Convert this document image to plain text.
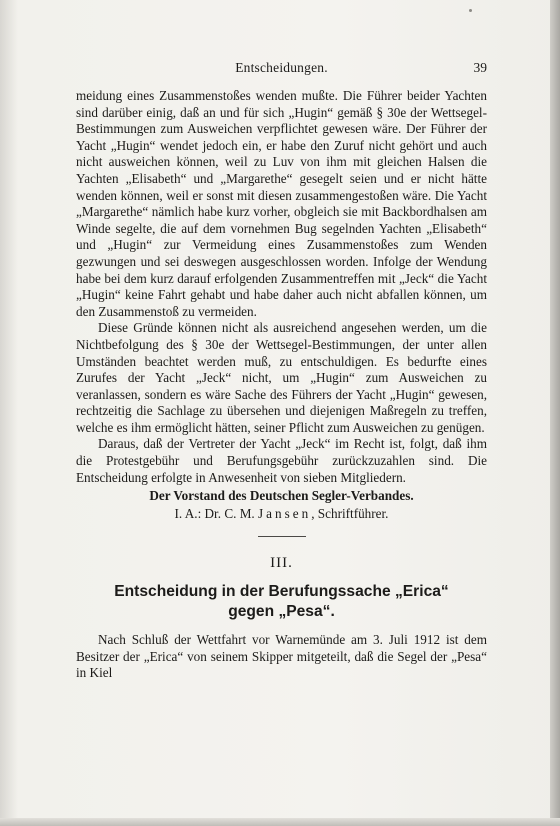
Entscheidungen.	39

meidung eines Zusammenstoßes wenden mußte. Die Führer beider Yachten sind darüber einig, daß an und für sich „Hugin“ gemäß § 30e der Wettsegel-Bestimmungen zum Ausweichen verpflichtet gewesen wäre. Der Führer der Yacht „Hugin“ wendet jedoch ein, er habe den Zuruf nicht gehört und auch nicht ausweichen können, weil zu Luv von ihm mit gleichen Halsen die Yachten „Elisabeth“ und „Margarethe“ gesegelt seien und er nicht hätte wenden können, weil er sonst mit diesen zusammengestoßen wäre. Die Yacht „Margarethe“ nämlich habe kurz vorher, obgleich sie mit Backbordhalsen am Winde segelte, die auf dem vornehmen Bug segelnden Yachten „Elisabeth“ und „Hugin“ zur Vermeidung eines Zusammenstoßes zum Wenden gezwungen und sei deswegen ausgeschlossen worden. Infolge der Wendung habe bei dem kurz darauf erfolgenden Zusammentreffen mit „Jeck“ die Yacht „Hugin“ keine Fahrt gehabt und habe daher auch nicht abfallen können, um den Zusammenstoß zu vermeiden.

Diese Gründe können nicht als ausreichend angesehen werden, um die Nichtbefolgung des § 30e der Wettsegel-Bestimmungen, der unter allen Umständen beachtet werden muß, zu entschuldigen. Es bedurfte eines Zurufes der Yacht „Jeck“ nicht, um „Hugin“ zum Ausweichen zu veranlassen, sondern es wäre Sache des Führers der Yacht „Hugin“ gewesen, rechtzeitig die Sachlage zu übersehen und diejenigen Maßregeln zu treffen, welche es ihm ermöglicht hätten, seiner Pflicht zum Ausweichen zu genügen.

Daraus, daß der Vertreter der Yacht „Jeck“ im Recht ist, folgt, daß ihm die Protestgebühr und Berufungsgebühr zurückzuzahlen sind. Die Entscheidung erfolgte in Anwesenheit von sieben Mitgliedern.

Der Vorstand des Deutschen Segler-Verbandes.
I. A.: Dr. C. M. Jansen, Schriftführer.
III.
Entscheidung in der Berufungssache „Erica“
gegen „Pesa“.

Nach Schluß der Wettfahrt vor Warnemünde am 3. Juli 1912 ist dem Besitzer der „Erica“ von seinem Skipper mitgeteilt, daß die Segel der „Pesa“ in Kiel
